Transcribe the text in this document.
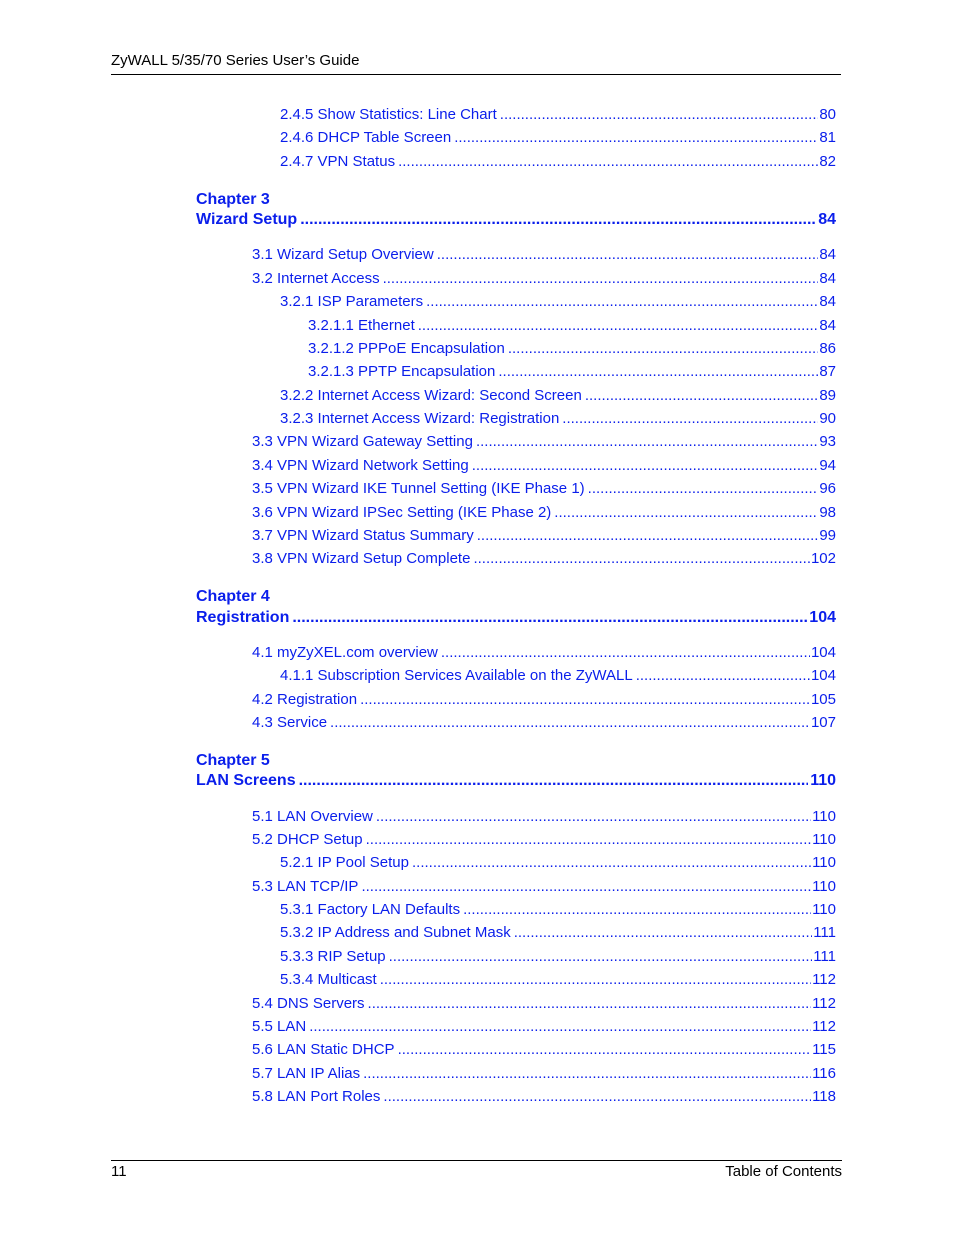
ZyWALL 5/35/70 Series User’s Guide
2.4.5 Show Statistics: Line Chart .....	80
2.4.6 DHCP Table Screen .....	81
2.4.7 VPN Status .....	82
Chapter 3
Wizard Setup .....	84
3.1 Wizard Setup Overview .....	84
3.2 Internet Access .....	84
3.2.1 ISP Parameters .....	84
3.2.1.1 Ethernet .....	84
3.2.1.2 PPPoE Encapsulation .....	86
3.2.1.3 PPTP Encapsulation .....	87
3.2.2 Internet Access Wizard: Second Screen .....	89
3.2.3 Internet Access Wizard: Registration .....	90
3.3 VPN Wizard Gateway Setting .....	93
3.4 VPN Wizard Network Setting .....	94
3.5 VPN Wizard IKE Tunnel Setting (IKE Phase 1) .....	96
3.6 VPN Wizard IPSec Setting (IKE Phase 2) .....	98
3.7 VPN Wizard Status Summary .....	99
3.8 VPN Wizard Setup Complete .....	102
Chapter 4
Registration .....	104
4.1 myZyXEL.com overview .....	104
4.1.1 Subscription Services Available on the ZyWALL .....	104
4.2 Registration .....	105
4.3 Service .....	107
Chapter 5
LAN Screens .....	110
5.1 LAN Overview .....	110
5.2 DHCP Setup .....	110
5.2.1 IP Pool Setup .....	110
5.3 LAN TCP/IP .....	110
5.3.1 Factory LAN Defaults .....	110
5.3.2 IP Address and Subnet Mask .....	111
5.3.3 RIP Setup .....	111
5.3.4 Multicast .....	112
5.4 DNS Servers .....	112
5.5 LAN .....	112
5.6 LAN Static DHCP .....	115
5.7 LAN IP Alias .....	116
5.8 LAN Port Roles .....	118
11	Table of Contents
